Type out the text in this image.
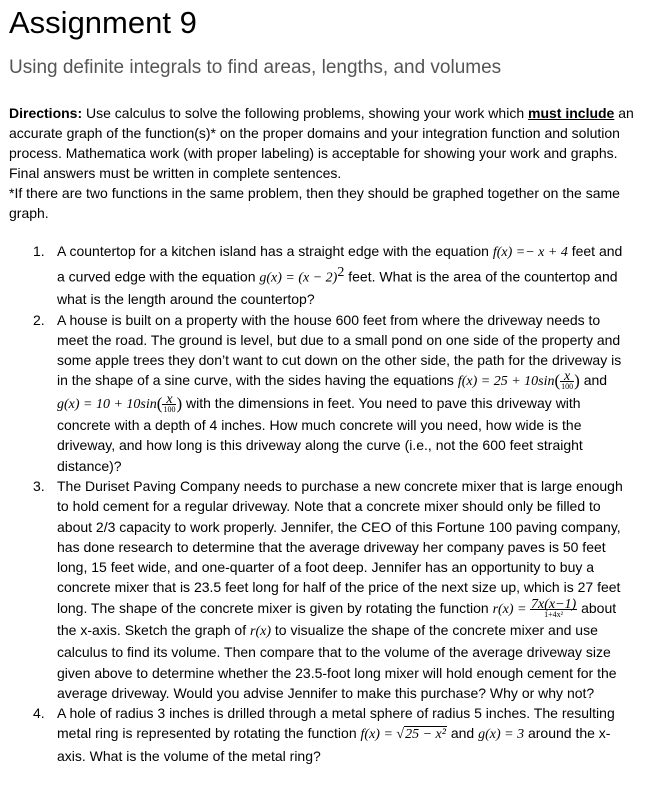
Assignment 9
Using definite integrals to find areas, lengths, and volumes
Directions: Use calculus to solve the following problems, showing your work which must include an accurate graph of the function(s)* on the proper domains and your integration function and solution process. Mathematica work (with proper labeling) is acceptable for showing your work and graphs. Final answers must be written in complete sentences.
*If there are two functions in the same problem, then they should be graphed together on the same graph.
1. A countertop for a kitchen island has a straight edge with the equation f(x) =− x + 4 feet and a curved edge with the equation $g(x) = (x - 2)^2$ feet. What is the area of the countertop and what is the length around the countertop?
2. A house is built on a property with the house 600 feet from where the driveway needs to meet the road. The ground is level, but due to a small pond on one side of the property and some apple trees they don’t want to cut down on the other side, the path for the driveway is in the shape of a sine curve, with the sides having the equations $f(x) = 25 + 10\sin( \frac{x}{100}$ ) and $g(x) = 10 + 10\sin( \frac{x}{100}$ ) with the dimensions in feet. You need to pave this driveway with concrete with a depth of 4 inches. How much concrete will you need, how wide is the driveway, and how long is this driveway along the curve (i.e., not the 600 feet straight distance)?
3. The Duriset Paving Company needs to purchase a new concrete mixer that is large enough to hold cement for a regular driveway. Note that a concrete mixer should only be filled to about 2/3 capacity to work properly. Jennifer, the CEO of this Fortune 100 paving company, has done research to determine that the average driveway her company paves is 50 feet long, 15 feet wide, and one-quarter of a foot deep. Jennifer has an opportunity to buy a concrete mixer that is 23.5 feet long for half of the price of the next size up, which is 27 feet long. The shape of the concrete mixer is given by rotating the function $r(x) = \frac{7x(x-1)}{\text{1+4x²}}$ about the x-axis. Sketch the graph of r(x) to visualize the shape of the concrete mixer and use calculus to find its volume. Then compare that to the volume of the average driveway size given above to determine whether the 23.5-foot long mixer will hold enough cement for the average driveway. Would you advise Jennifer to make this purchase? Why or why not?
4. A hole of radius 3 inches is drilled through a metal sphere of radius 5 inches. The resulting metal ring is represented by rotating the function f(x) = √25 − x² and g(x) = 3 around the x-axis. What is the volume of the metal ring?
